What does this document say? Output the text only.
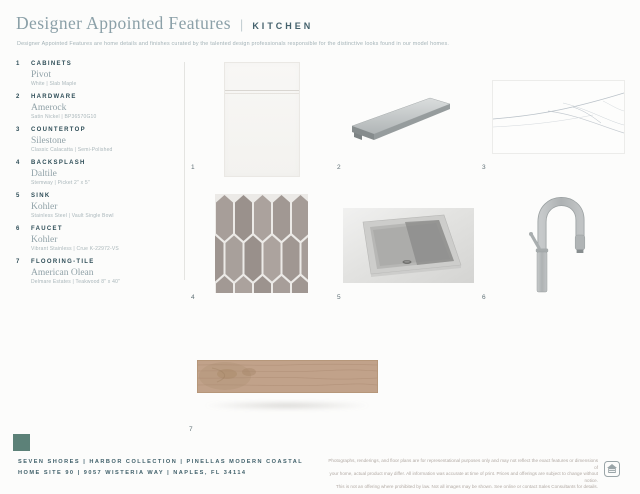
Designer Appointed Features | KITCHEN

Designer Appointed Features are home details and finishes curated by the talented design professionals responsible for the distinctive looks found in our model homes.

1	CABINETS
Pivot
White | Slab Maple
2	HARDWARE
Amerock
Satin Nickel | BP36570G10
3	COUNTERTOP
Silestone
Classic Calacatta | Semi-Polished
4	BACKSPLASH
Daltile
Stemway | Picket 2" x 5"
5	SINK
Kohler
Stainless Steel | Vault Single Bowl
6	FAUCET
Kohler
Vibrant Stainless | Crue K-22972-VS
7	FLOORING-TILE
American Olean
Delmare Estates | Teakwood 8" x 40"
1	2	3
4	5	6
7
SEVEN SHORES | HARBOR COLLECTION | PINELLAS MODERN COASTAL
HOME SITE 90 | 9057 WISTERIA WAY | NAPLES, FL 34114
Photographs, renderings, and floor plans are for representational purposes only and may not reflect the exact features or dimensions of
your home, actual product may differ. All information was accurate at time of print. Prices and offerings are subject to change without notice.
This is not an offering where prohibited by law. Not all images may be shown. See online or contact Sales Consultants for details.
